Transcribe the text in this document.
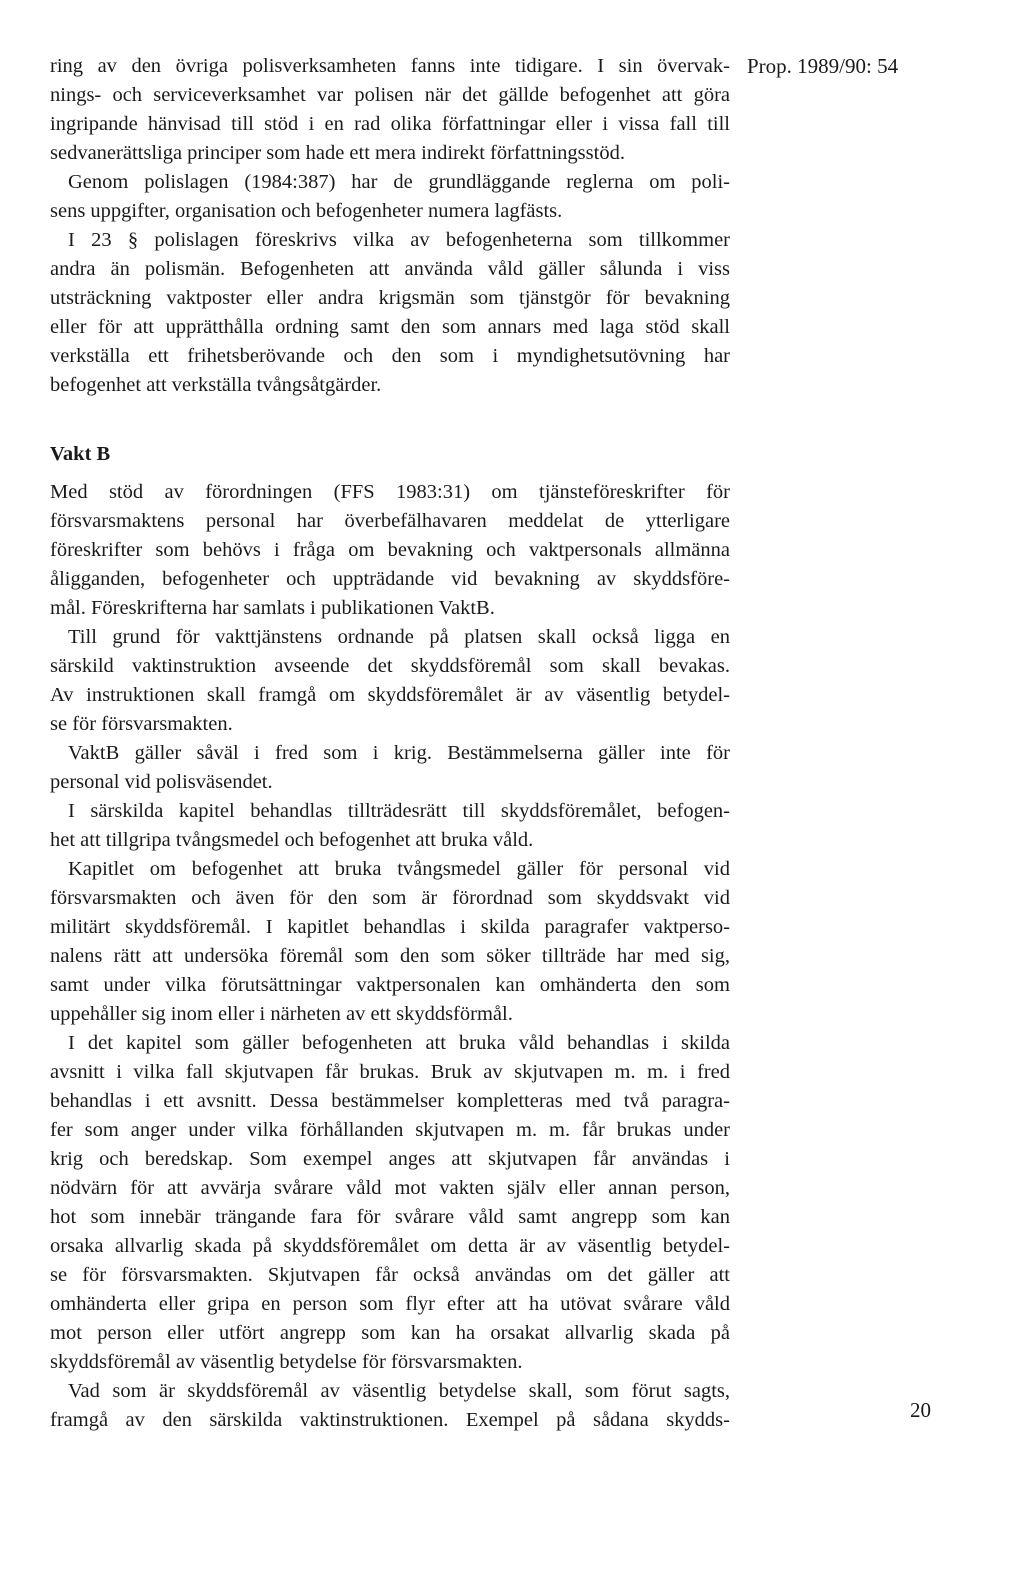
Prop. 1989/90: 54
ring av den övriga polisverksamheten fanns inte tidigare. I sin övervak-
nings- och serviceverksamhet var polisen när det gällde befogenhet att göra
ingripande hänvisad till stöd i en rad olika författningar eller i vissa fall till
sedvanerättsliga principer som hade ett mera indirekt författningsstöd.
Genom polislagen (1984:387) har de grundläggande reglerna om poli-
sens uppgifter, organisation och befogenheter numera lagfästs.
I 23 § polislagen föreskrivs vilka av befogenheterna som tillkommer
andra än polismän. Befogenheten att använda våld gäller sålunda i viss
utsträckning vaktposter eller andra krigsmän som tjänstgör för bevakning
eller för att upprätthålla ordning samt den som annars med laga stöd skall
verkställa ett frihetsberövande och den som i myndighetsutövning har
befogenhet att verkställa tvångsåtgärder.
Vakt B
Med stöd av förordningen (FFS 1983:31) om tjänsteföreskrifter för
försvarsmaktens personal har överbefälhavaren meddelat de ytterligare
föreskrifter som behövs i fråga om bevakning och vaktpersonals allmänna
åligganden, befogenheter och uppträdande vid bevakning av skyddsföre-
mål. Föreskrifterna har samlats i publikationen VaktB.
Till grund för vakttjänstens ordnande på platsen skall också ligga en
särskild vaktinstruktion avseende det skyddsföremål som skall bevakas.
Av instruktionen skall framgå om skyddsföremålet är av väsentlig betydel-
se för försvarsmakten.
VaktB gäller såväl i fred som i krig. Bestämmelserna gäller inte för
personal vid polisväsendet.
I särskilda kapitel behandlas tillträdesrätt till skyddsföremålet, befogen-
het att tillgripa tvångsmedel och befogenhet att bruka våld.
Kapitlet om befogenhet att bruka tvångsmedel gäller för personal vid
försvarsmakten och även för den som är förordnad som skyddsvakt vid
militärt skyddsföremål. I kapitlet behandlas i skilda paragrafer vaktperso-
nalens rätt att undersöka föremål som den som söker tillträde har med sig,
samt under vilka förutsättningar vaktpersonalen kan omhänderta den som
uppehåller sig inom eller i närheten av ett skyddsförmål.
I det kapitel som gäller befogenheten att bruka våld behandlas i skilda
avsnitt i vilka fall skjutvapen får brukas. Bruk av skjutvapen m. m. i fred
behandlas i ett avsnitt. Dessa bestämmelser kompletteras med två paragra-
fer som anger under vilka förhållanden skjutvapen m. m. får brukas under
krig och beredskap. Som exempel anges att skjutvapen får användas i
nödvärn för att avvärja svårare våld mot vakten själv eller annan person,
hot som innebär trängande fara för svårare våld samt angrepp som kan
orsaka allvarlig skada på skyddsföremålet om detta är av väsentlig betydel-
se för försvarsmakten. Skjutvapen får också användas om det gäller att
omhänderta eller gripa en person som flyr efter att ha utövat svårare våld
mot person eller utfört angrepp som kan ha orsakat allvarlig skada på
skyddsföremål av väsentlig betydelse för försvarsmakten.
Vad som är skyddsföremål av väsentlig betydelse skall, som förut sagts,
framgå av den särskilda vaktinstruktionen. Exempel på sådana skydds-	20
